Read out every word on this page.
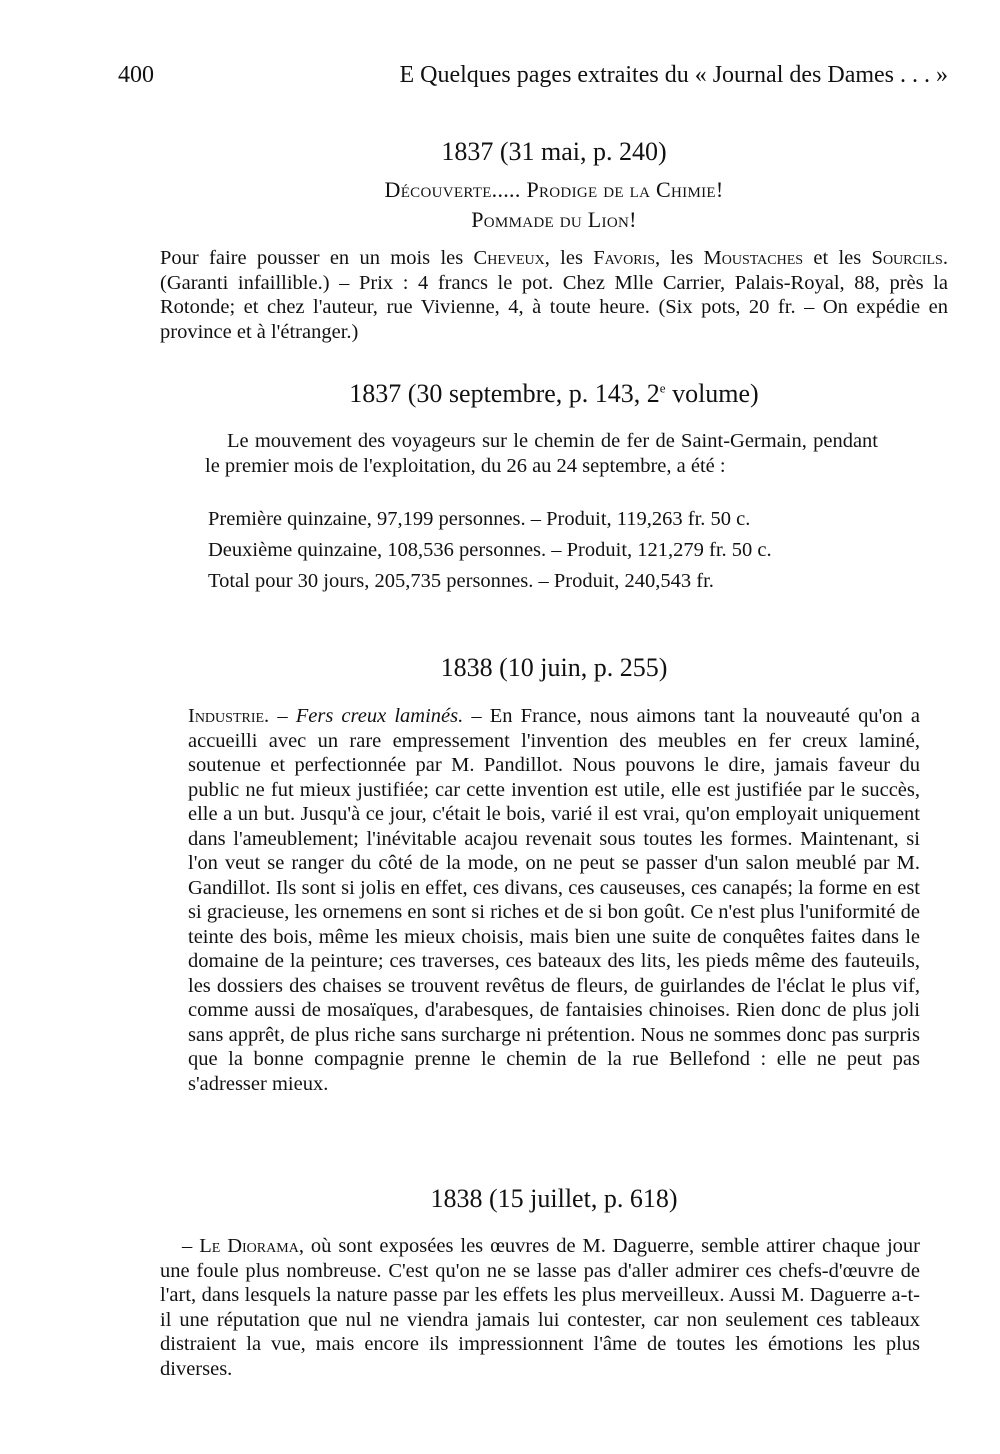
400	E Quelques pages extraites du « Journal des Dames . . . »
1837 (31 mai, p. 240)
Découverte..... Prodige de la Chimie!
Pommade du Lion!
Pour faire pousser en un mois les Cheveux, les Favoris, les Moustaches et les Sourcils. (Garanti infaillible.) – Prix : 4 francs le pot. Chez Mlle Carrier, Palais-Royal, 88, près la Rotonde; et chez l'auteur, rue Vivienne, 4, à toute heure. (Six pots, 20 fr. – On expédie en province et à l'étranger.)
1837 (30 septembre, p. 143, 2e volume)
Le mouvement des voyageurs sur le chemin de fer de Saint-Germain, pendant le premier mois de l'exploitation, du 26 au 24 septembre, a été :
Première quinzaine, 97,199 personnes. – Produit, 119,263 fr. 50 c.
Deuxième quinzaine, 108,536 personnes. – Produit, 121,279 fr. 50 c.
Total pour 30 jours, 205,735 personnes. – Produit, 240,543 fr.
1838 (10 juin, p. 255)
Industrie. – Fers creux laminés. – En France, nous aimons tant la nouveauté qu'on a accueilli avec un rare empressement l'invention des meubles en fer creux laminé, soutenue et perfectionnée par M. Pandillot. Nous pouvons le dire, jamais faveur du public ne fut mieux justifiée; car cette invention est utile, elle est justifiée par le succès, elle a un but. Jusqu'à ce jour, c'était le bois, varié il est vrai, qu'on employait uniquement dans l'ameublement; l'inévitable acajou revenait sous toutes les formes. Maintenant, si l'on veut se ranger du côté de la mode, on ne peut se passer d'un salon meublé par M. Gandillot. Ils sont si jolis en effet, ces divans, ces causeuses, ces canapés; la forme en est si gracieuse, les ornemens en sont si riches et de si bon goût. Ce n'est plus l'uniformité de teinte des bois, même les mieux choisis, mais bien une suite de conquêtes faites dans le domaine de la peinture; ces traverses, ces bateaux des lits, les pieds même des fauteuils, les dossiers des chaises se trouvent revêtus de fleurs, de guirlandes de l'éclat le plus vif, comme aussi de mosaïques, d'arabesques, de fantaisies chinoises. Rien donc de plus joli sans apprêt, de plus riche sans surcharge ni prétention. Nous ne sommes donc pas surpris que la bonne compagnie prenne le chemin de la rue Bellefond : elle ne peut pas s'adresser mieux.
1838 (15 juillet, p. 618)
– Le Diorama, où sont exposées les œuvres de M. Daguerre, semble attirer chaque jour une foule plus nombreuse. C'est qu'on ne se lasse pas d'aller admirer ces chefs-d'œuvre de l'art, dans lesquels la nature passe par les effets les plus merveilleux. Aussi M. Daguerre a-t-il une réputation que nul ne viendra jamais lui contester, car non seulement ces tableaux distraient la vue, mais encore ils impressionnent l'âme de toutes les émotions les plus diverses.
